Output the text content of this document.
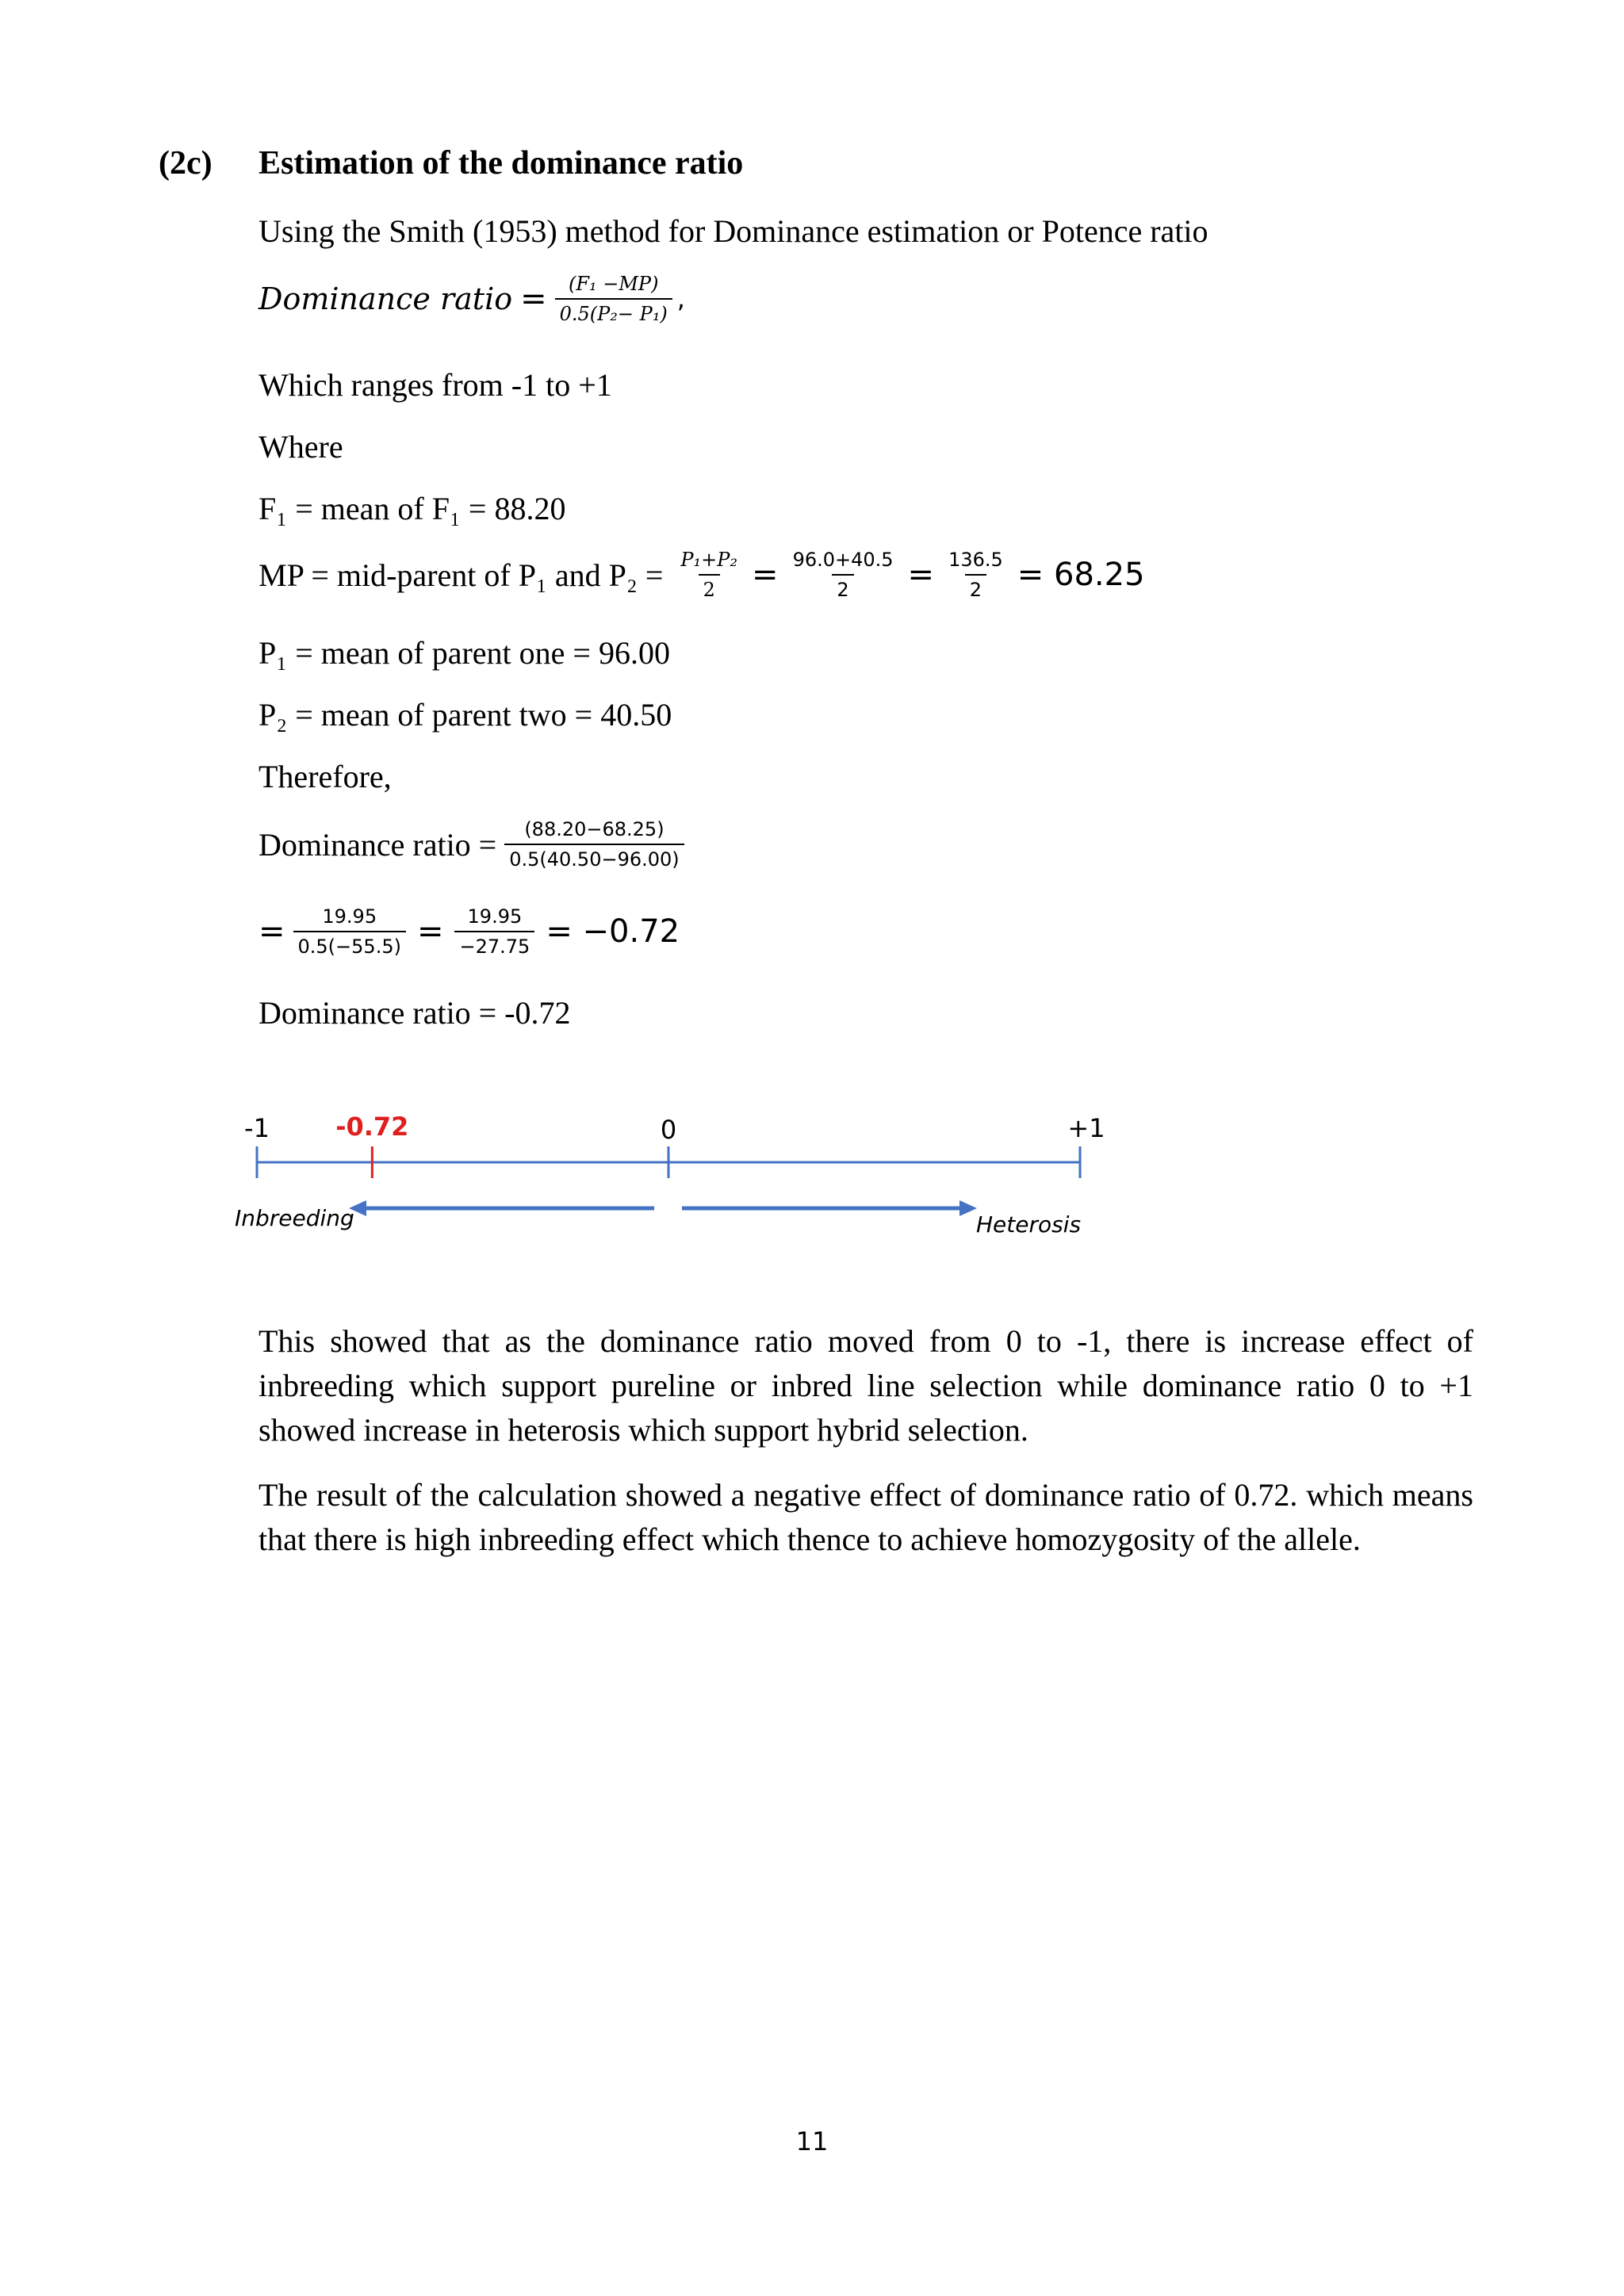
(2c) Estimation of the dominance ratio
Using the Smith (1953) method for Dominance estimation or Potence ratio
Dominance ratio = $\frac{\text{(F₁ −MP)}}{\text{0.5(P₂− P₁)}}$ ,
Which ranges from -1 to +1
Where
F₁ = mean of F₁ = 88.20
MP = mid-parent of P₁ and $P_2 = \frac{\text{P₁+P₂}}{2} = \frac{96.0+40.5}{2} = \frac{136.5}{2} = 68.25$
P₁ = mean of parent one = 96.00
P₂ = mean of parent two = 40.50
Therefore,
Dominance ratio = $\frac{(88.20-68.25)}{0.5(40.50-96.00)}$
= $\frac{19.95}{0.5(-55.5)} = \frac{19.95}{-27.75} = -0.72$
Dominance ratio = -0.72
-1	-0.72	0	+1
Inbreeding	Heterosis
This showed that as the dominance ratio moved from 0 to -1, there is increase effect of inbreeding which support pureline or inbred line selection while dominance ratio 0 to +1 showed increase in heterosis which support hybrid selection.
The result of the calculation showed a negative effect of dominance ratio of 0.72. which means that there is high inbreeding effect which thence to achieve homozygosity of the allele.
11
